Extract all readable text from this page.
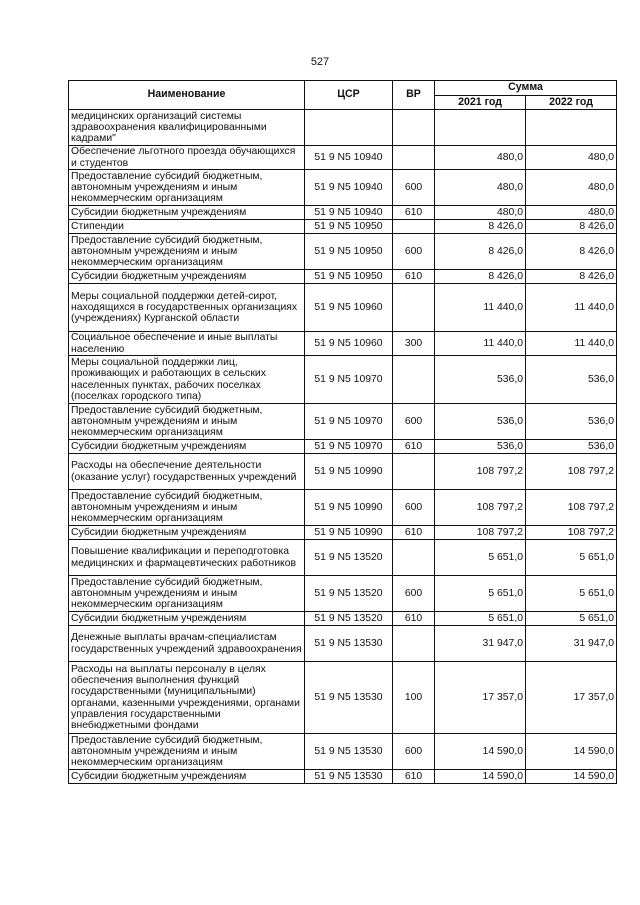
527
Наименование	ЦСР	ВР	Сумма	
			2021 год	2022 год
медицинских организаций системы здравоохранения квалифицированными кадрами"				
Обеспечение льготного проезда обучающихся и студентов	51 9 N5 10940		480,0	480,0
Предоставление субсидий бюджетным, автономным учреждениям и иным некоммерческим организациям	51 9 N5 10940	600	480,0	480,0
Субсидии бюджетным учреждениям	51 9 N5 10940	610	480,0	480,0
Стипендии	51 9 N5 10950		8 426,0	8 426,0
Предоставление субсидий бюджетным, автономным учреждениям и иным некоммерческим организациям	51 9 N5 10950	600	8 426,0	8 426,0
Субсидии бюджетным учреждениям	51 9 N5 10950	610	8 426,0	8 426,0
Меры социальной поддержки детей-сирот, находящихся в государственных организациях (учреждениях) Курганской области	51 9 N5 10960		11 440,0	11 440,0
Социальное обеспечение и иные выплаты населению	51 9 N5 10960	300	11 440,0	11 440,0
Меры социальной поддержки лиц, проживающих и работающих в сельских населенных пунктах, рабочих поселках (поселках городского типа)	51 9 N5 10970		536,0	536,0
Предоставление субсидий бюджетным, автономным учреждениям и иным некоммерческим организациям	51 9 N5 10970	600	536,0	536,0
Субсидии бюджетным учреждениям	51 9 N5 10970	610	536,0	536,0
Расходы на обеспечение деятельности (оказание услуг) государственных учреждений	51 9 N5 10990		108 797,2	108 797,2
Предоставление субсидий бюджетным, автономным учреждениям и иным некоммерческим организациям	51 9 N5 10990	600	108 797,2	108 797,2
Субсидии бюджетным учреждениям	51 9 N5 10990	610	108 797,2	108 797,2
Повышение квалификации и переподготовка медицинских и фармацевтических работников	51 9 N5 13520		5 651,0	5 651,0
Предоставление субсидий бюджетным, автономным учреждениям и иным некоммерческим организациям	51 9 N5 13520	600	5 651,0	5 651,0
Субсидии бюджетным учреждениям	51 9 N5 13520	610	5 651,0	5 651,0
Денежные выплаты врачам-специалистам государственных учреждений здравоохранения	51 9 N5 13530		31 947,0	31 947,0
Расходы на выплаты персоналу в целях обеспечения выполнения функций государственными (муниципальными) органами, казенными учреждениями, органами управления государственными внебюджетными фондами	51 9 N5 13530	100	17 357,0	17 357,0
Предоставление субсидий бюджетным, автономным учреждениям и иным некоммерческим организациям	51 9 N5 13530	600	14 590,0	14 590,0
Субсидии бюджетным учреждениям	51 9 N5 13530	610	14 590,0	14 590,0
